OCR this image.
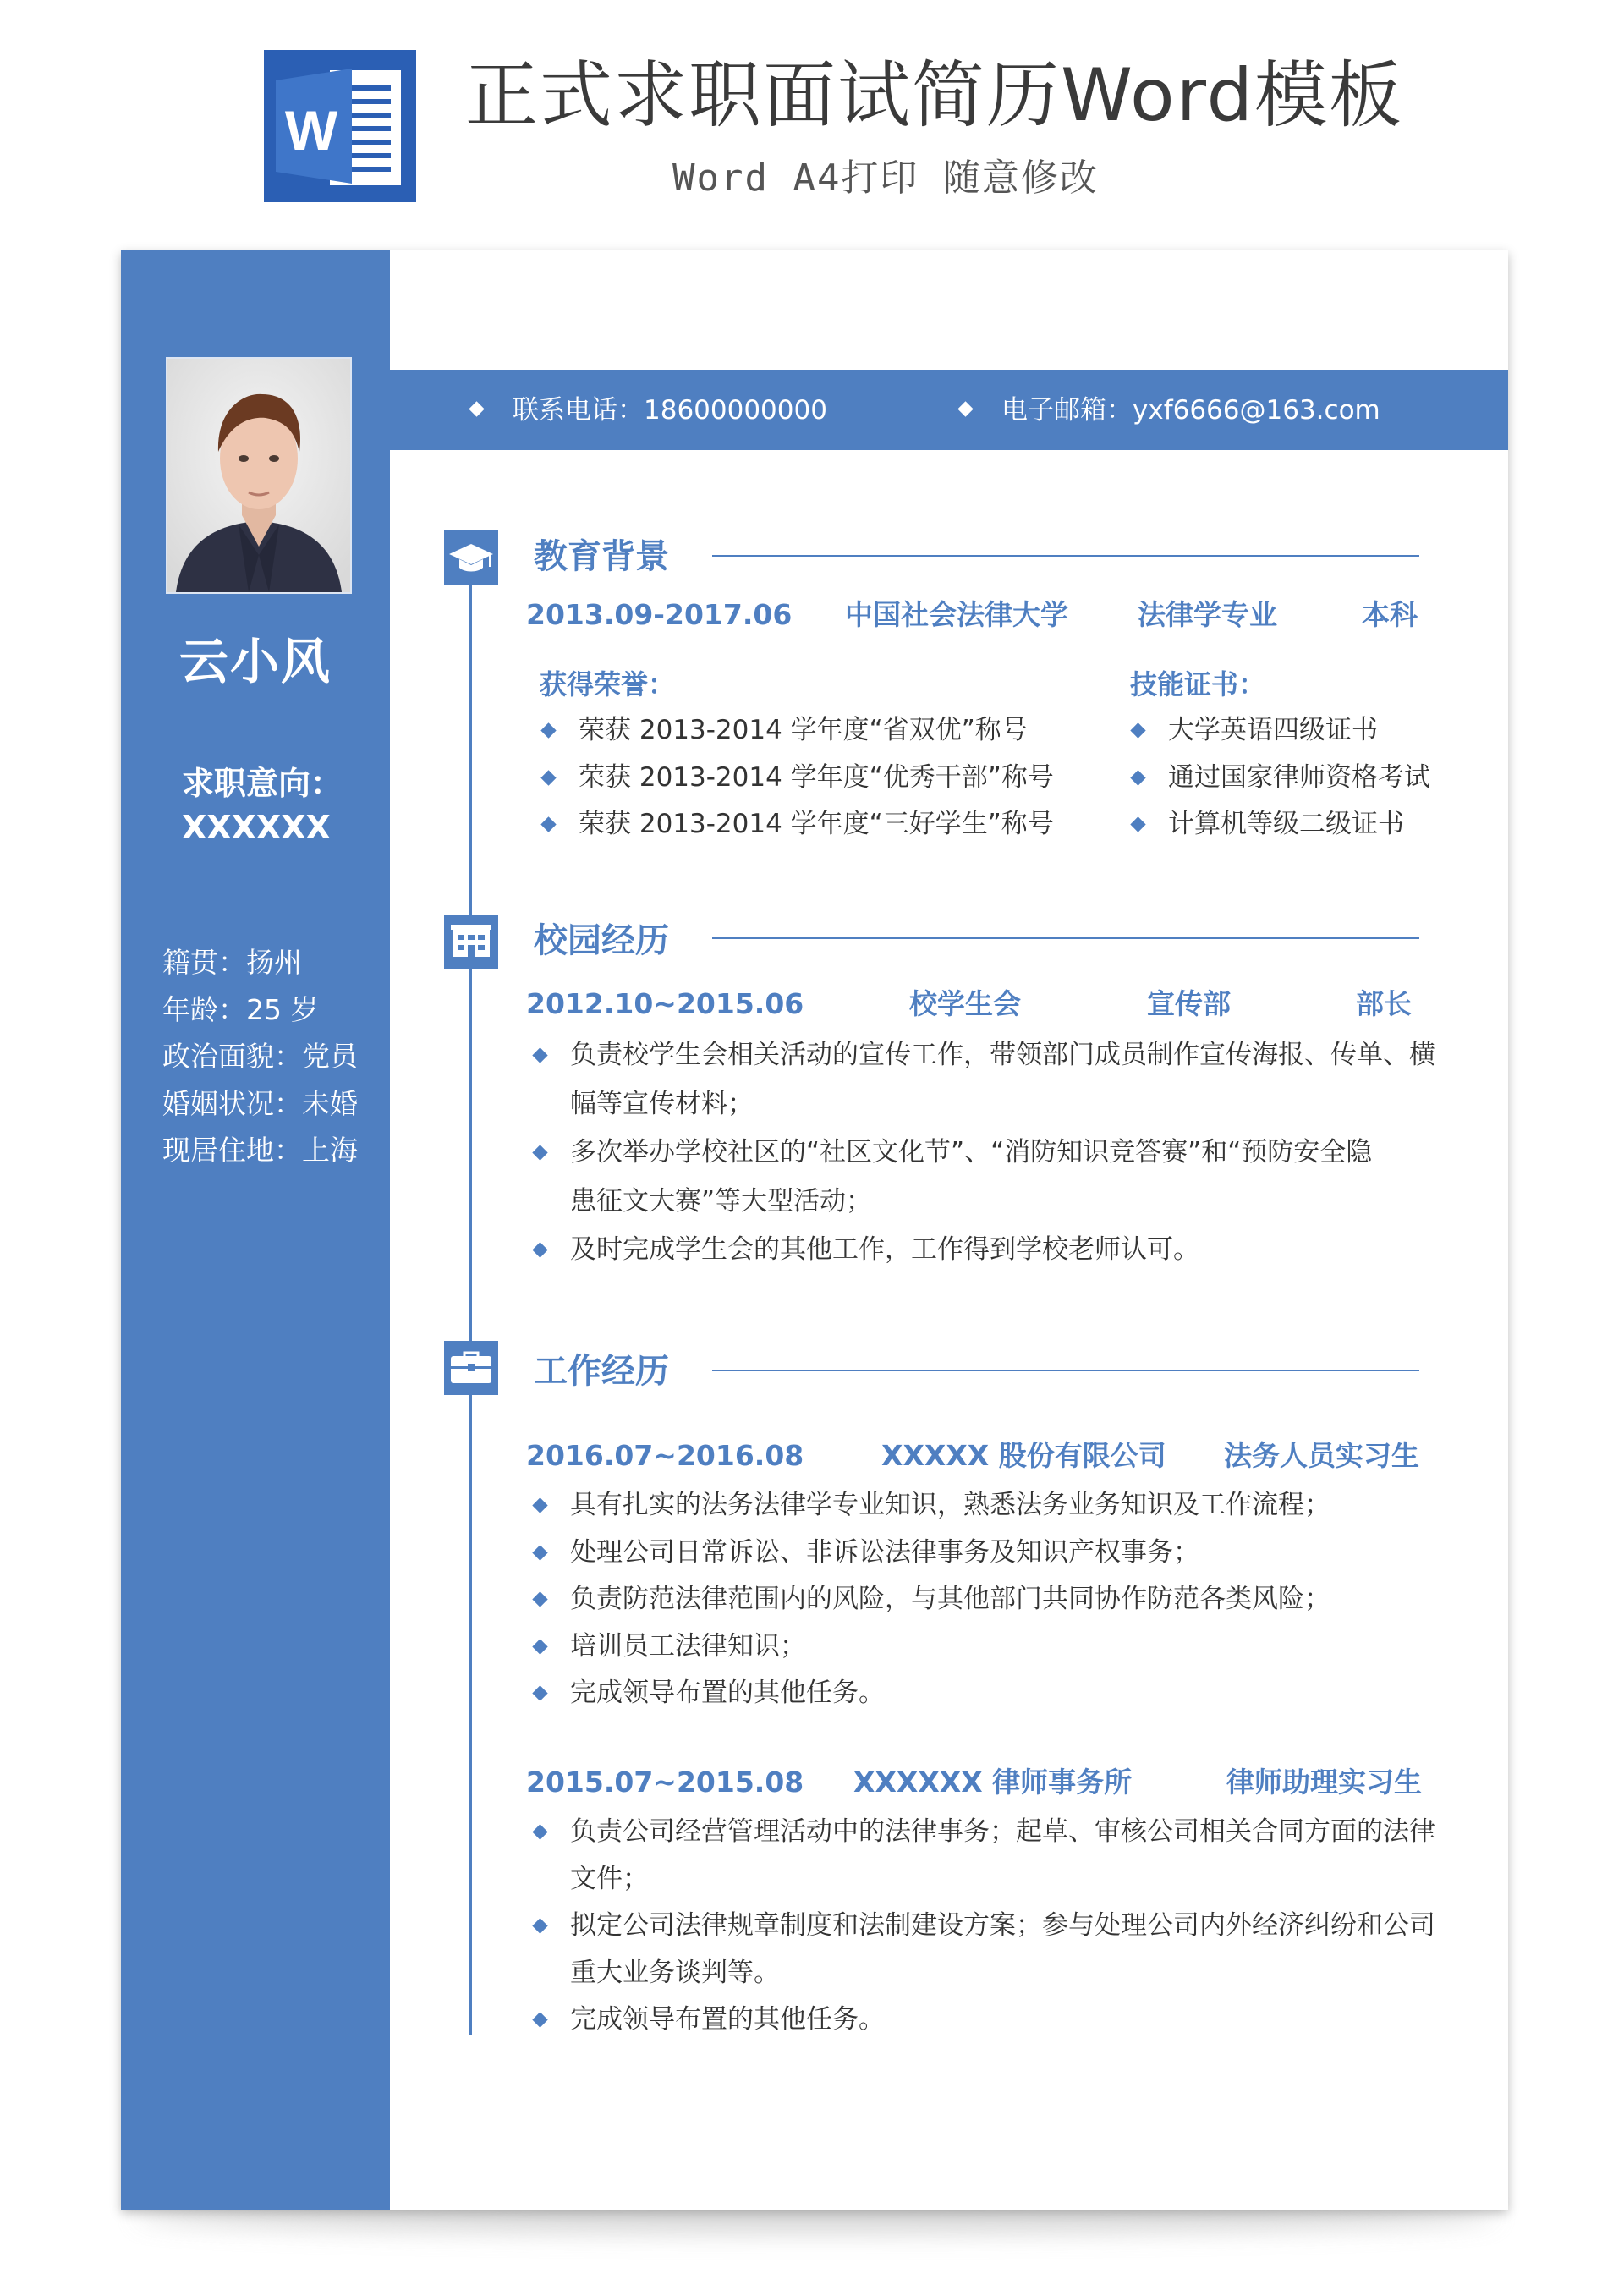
W 正式求职面试简历Word模板
Word A4打印 随意修改
云小风
求职意向：
XXXXXX
籍贯：扬州
年龄：25 岁
政治面貌：党员
婚姻状况：未婚
现居住地：上海
联系电话：18600000000	电子邮箱：yxf6666@163.com
教育背景
2013.09-2017.06 中国社会法律大学 法律学专业	本科
获得荣誉：
荣获 2013-2014 学年度“省双优”称号
荣获 2013-2014 学年度“优秀干部”称号
荣获 2013-2014 学年度“三好学生”称号
技能证书：
大学英语四级证书
通过国家律师资格考试
计算机等级二级证书
校园经历
2012.10~2015.06	校学生会	宣传部	部长
负责校学生会相关活动的宣传工作，带领部门成员制作宣传海报、传单、横
幅等宣传材料；
多次举办学校社区的“社区文化节”、“消防知识竞答赛”和“预防安全隐
患征文大赛”等大型活动；
及时完成学生会的其他工作，工作得到学校老师认可。
工作经历
2016.07~2016.08	XXXXX 股份有限公司 法务人员实习生
具有扎实的法务法律学专业知识，熟悉法务业务知识及工作流程；
处理公司日常诉讼、非诉讼法律事务及知识产权事务；
负责防范法律范围内的风险，与其他部门共同协作防范各类风险；
培训员工法律知识；
完成领导布置的其他任务。
2015.07~2015.08 XXXXXX 律师事务所	律师助理实习生
负责公司经营管理活动中的法律事务；起草、审核公司相关合同方面的法律
文件；
拟定公司法律规章制度和法制建设方案；参与处理公司内外经济纠纷和公司
重大业务谈判等。
完成领导布置的其他任务。
